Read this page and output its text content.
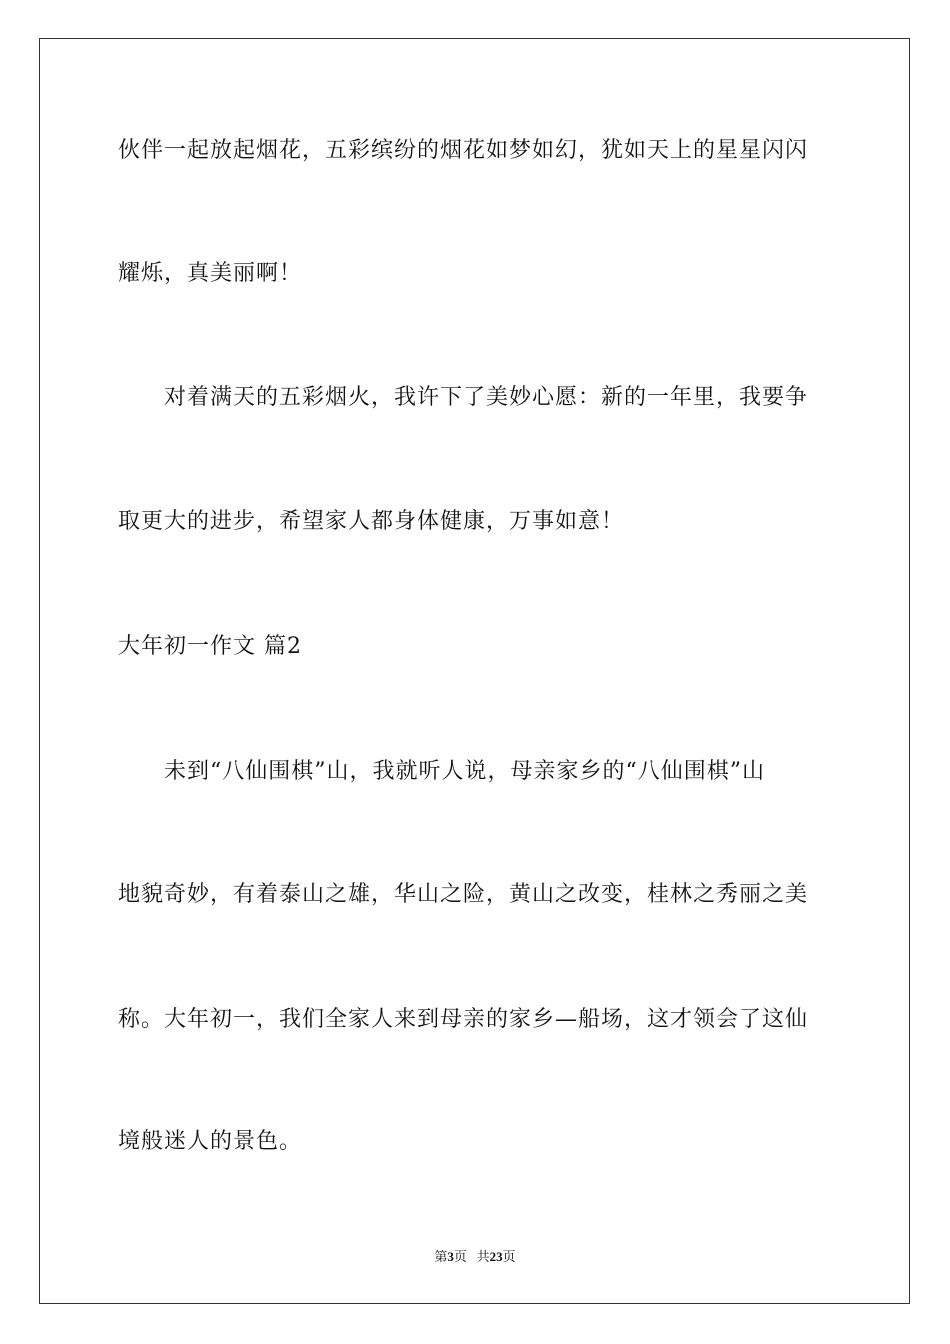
伙伴一起放起烟花，五彩缤纷的烟花如梦如幻，犹如天上的星星闪闪
耀烁，真美丽啊！
对着满天的五彩烟火，我许下了美妙心愿：新的一年里，我要争
取更大的进步，希望家人都身体健康，万事如意！
大年初一作文 篇2
未到“八仙围棋”山，我就听人说，母亲家乡的“八仙围棋”山
地貌奇妙，有着泰山之雄，华山之险，黄山之改变，桂林之秀丽之美
称。大年初一，我们全家人来到母亲的家乡—船场，这才领会了这仙
境般迷人的景色。
第3页 共23页
